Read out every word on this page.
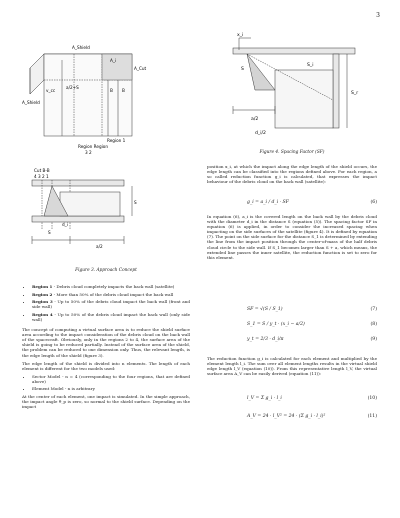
3
A_Shield
A_Shield
A_i
A_Cut
v_cc
a/2+S
B B
Region 1
Region Region
3 2
Cut B-B
4 3 2 1
S
S
d_i
a/2
Figure 3. Approach Concept
• Region 1 - Debris cloud completely impacts the back wall (satellite)
• Region 2 - More than 50% of the debris cloud impact the back wall
• Region 3 - Up to 50% of the debris cloud impact the back wall (front and side wall)
• Region 4 - Up to 50% of the debris cloud impact the back wall (only side wall)

The concept of computing a virtual surface area is to reduce the shield surface area according to the impact consideration of the debris cloud on the back wall of the spacecraft. Obviously, only in the regions 2 to 4, the surface area of the shield is going to be reduced partially. Instead of the surface area of the shield, the problem can be reduced to one dimension only. Thus, the relevant length, is the edge length of the shield (figure 3).

The edge length of the shield is divided into n elements. The length of each element is different for the two models used:

• Sector Model - n = 4 (corresponding to the four regions, that are defined above)
• Element Model - n is arbitrary

At the center of each element, one impact is simulated. In the simple approach, the impact angle θ_p is zero, so normal to the shield surface. Depending on the impact

x_i
S
S_i
a/2
d_i/2
S_r
Figure 4. Spacing Factor (SF)

position x_i, at which the impact along the edge length of the shield occurs, the edge length can be classified into the regions defined above. For each region, a so called reduction function g_i is calculated, that expresses the impact behaviour of the debris cloud on the back wall (satellite):

g_i = a_i / d_i · SF	(6)

In equation (6), a_i is the covered length on the back wall by the debris cloud with the diameter d_i in the distance S (equation (5)). The spacing factor SF in equation (6) is applied, in order to consider the increased spacing when impacting on the side surfaces of the satellite (figure 4). It is defined by equation (7). The point on the side surface for the distance S_1 is determined by extending the line from the impact position through the center-of-mass of the half debris cloud circle to the side wall. If S_1 becomes larger than S + a, which means, the extended line passes the inner satellite, the reduction function is set to zero for this element.

SF = √(S / S_1)	(7)
S_1 = S / y_t · (x_i − a/2)	(8)
y_t = 2/3 · d_i/π	(9)

The reduction function g_i is calculated for each element and multiplied by the element length l_i. The sum over all element lengths results in the virtual shield edge length l_V (equation (10)). From this representative length l_V, the virtual surface area A_V can be easily derived (equation (11)):

l_V = Σ g_i · l_i	(10)
A_V = 24 · l_V² = 24 · (Σ g_i · l_i)²	(11)
